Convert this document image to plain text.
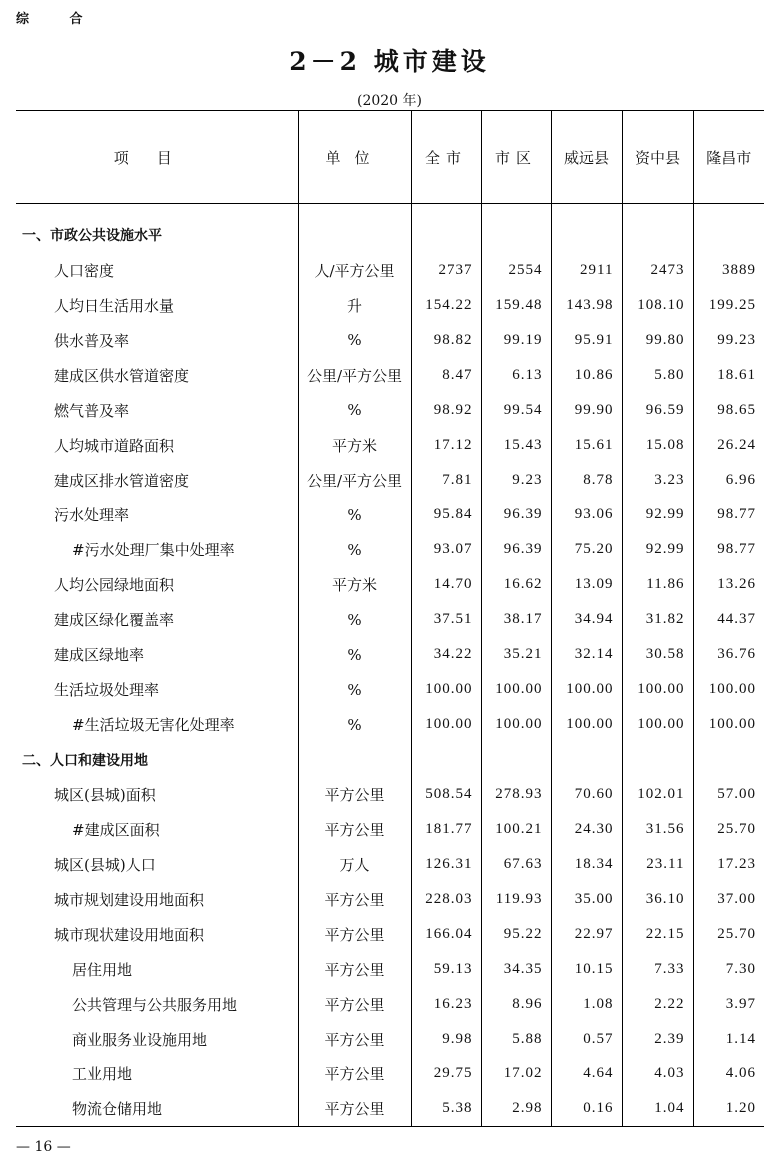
综 合
2－2 城市建设
(2020 年)
项目	单位	全市	市区	威远县	资中县	隆昌市

一、市政公共设施水平						
人口密度	人/平方公里	2737	2554	2911	2473	3889
人均日生活用水量	升	154.22	159.48	143.98	108.10	199.25
供水普及率	%	98.82	99.19	95.91	99.80	99.23
建成区供水管道密度	公里/平方公里	8.47	6.13	10.86	5.80	18.61
燃气普及率	%	98.92	99.54	99.90	96.59	98.65
人均城市道路面积	平方米	17.12	15.43	15.61	15.08	26.24
建成区排水管道密度	公里/平方公里	7.81	9.23	8.78	3.23	6.96
污水处理率	%	95.84	96.39	93.06	92.99	98.77
#污水处理厂集中处理率	%	93.07	96.39	75.20	92.99	98.77
人均公园绿地面积	平方米	14.70	16.62	13.09	11.86	13.26
建成区绿化覆盖率	%	37.51	38.17	34.94	31.82	44.37
建成区绿地率	%	34.22	35.21	32.14	30.58	36.76
生活垃圾处理率	%	100.00	100.00	100.00	100.00	100.00
#生活垃圾无害化处理率	%	100.00	100.00	100.00	100.00	100.00
二、人口和建设用地						
城区(县城)面积	平方公里	508.54	278.93	70.60	102.01	57.00
#建成区面积	平方公里	181.77	100.21	24.30	31.56	25.70
城区(县城)人口	万人	126.31	67.63	18.34	23.11	17.23
城市规划建设用地面积	平方公里	228.03	119.93	35.00	36.10	37.00
城市现状建设用地面积	平方公里	166.04	95.22	22.97	22.15	25.70
居住用地	平方公里	59.13	34.35	10.15	7.33	7.30
公共管理与公共服务用地	平方公里	16.23	8.96	1.08	2.22	3.97
商业服务业设施用地	平方公里	9.98	5.88	0.57	2.39	1.14
工业用地	平方公里	29.75	17.02	4.64	4.03	4.06
物流仓储用地	平方公里	5.38	2.98	0.16	1.04	1.20
— 16 —
